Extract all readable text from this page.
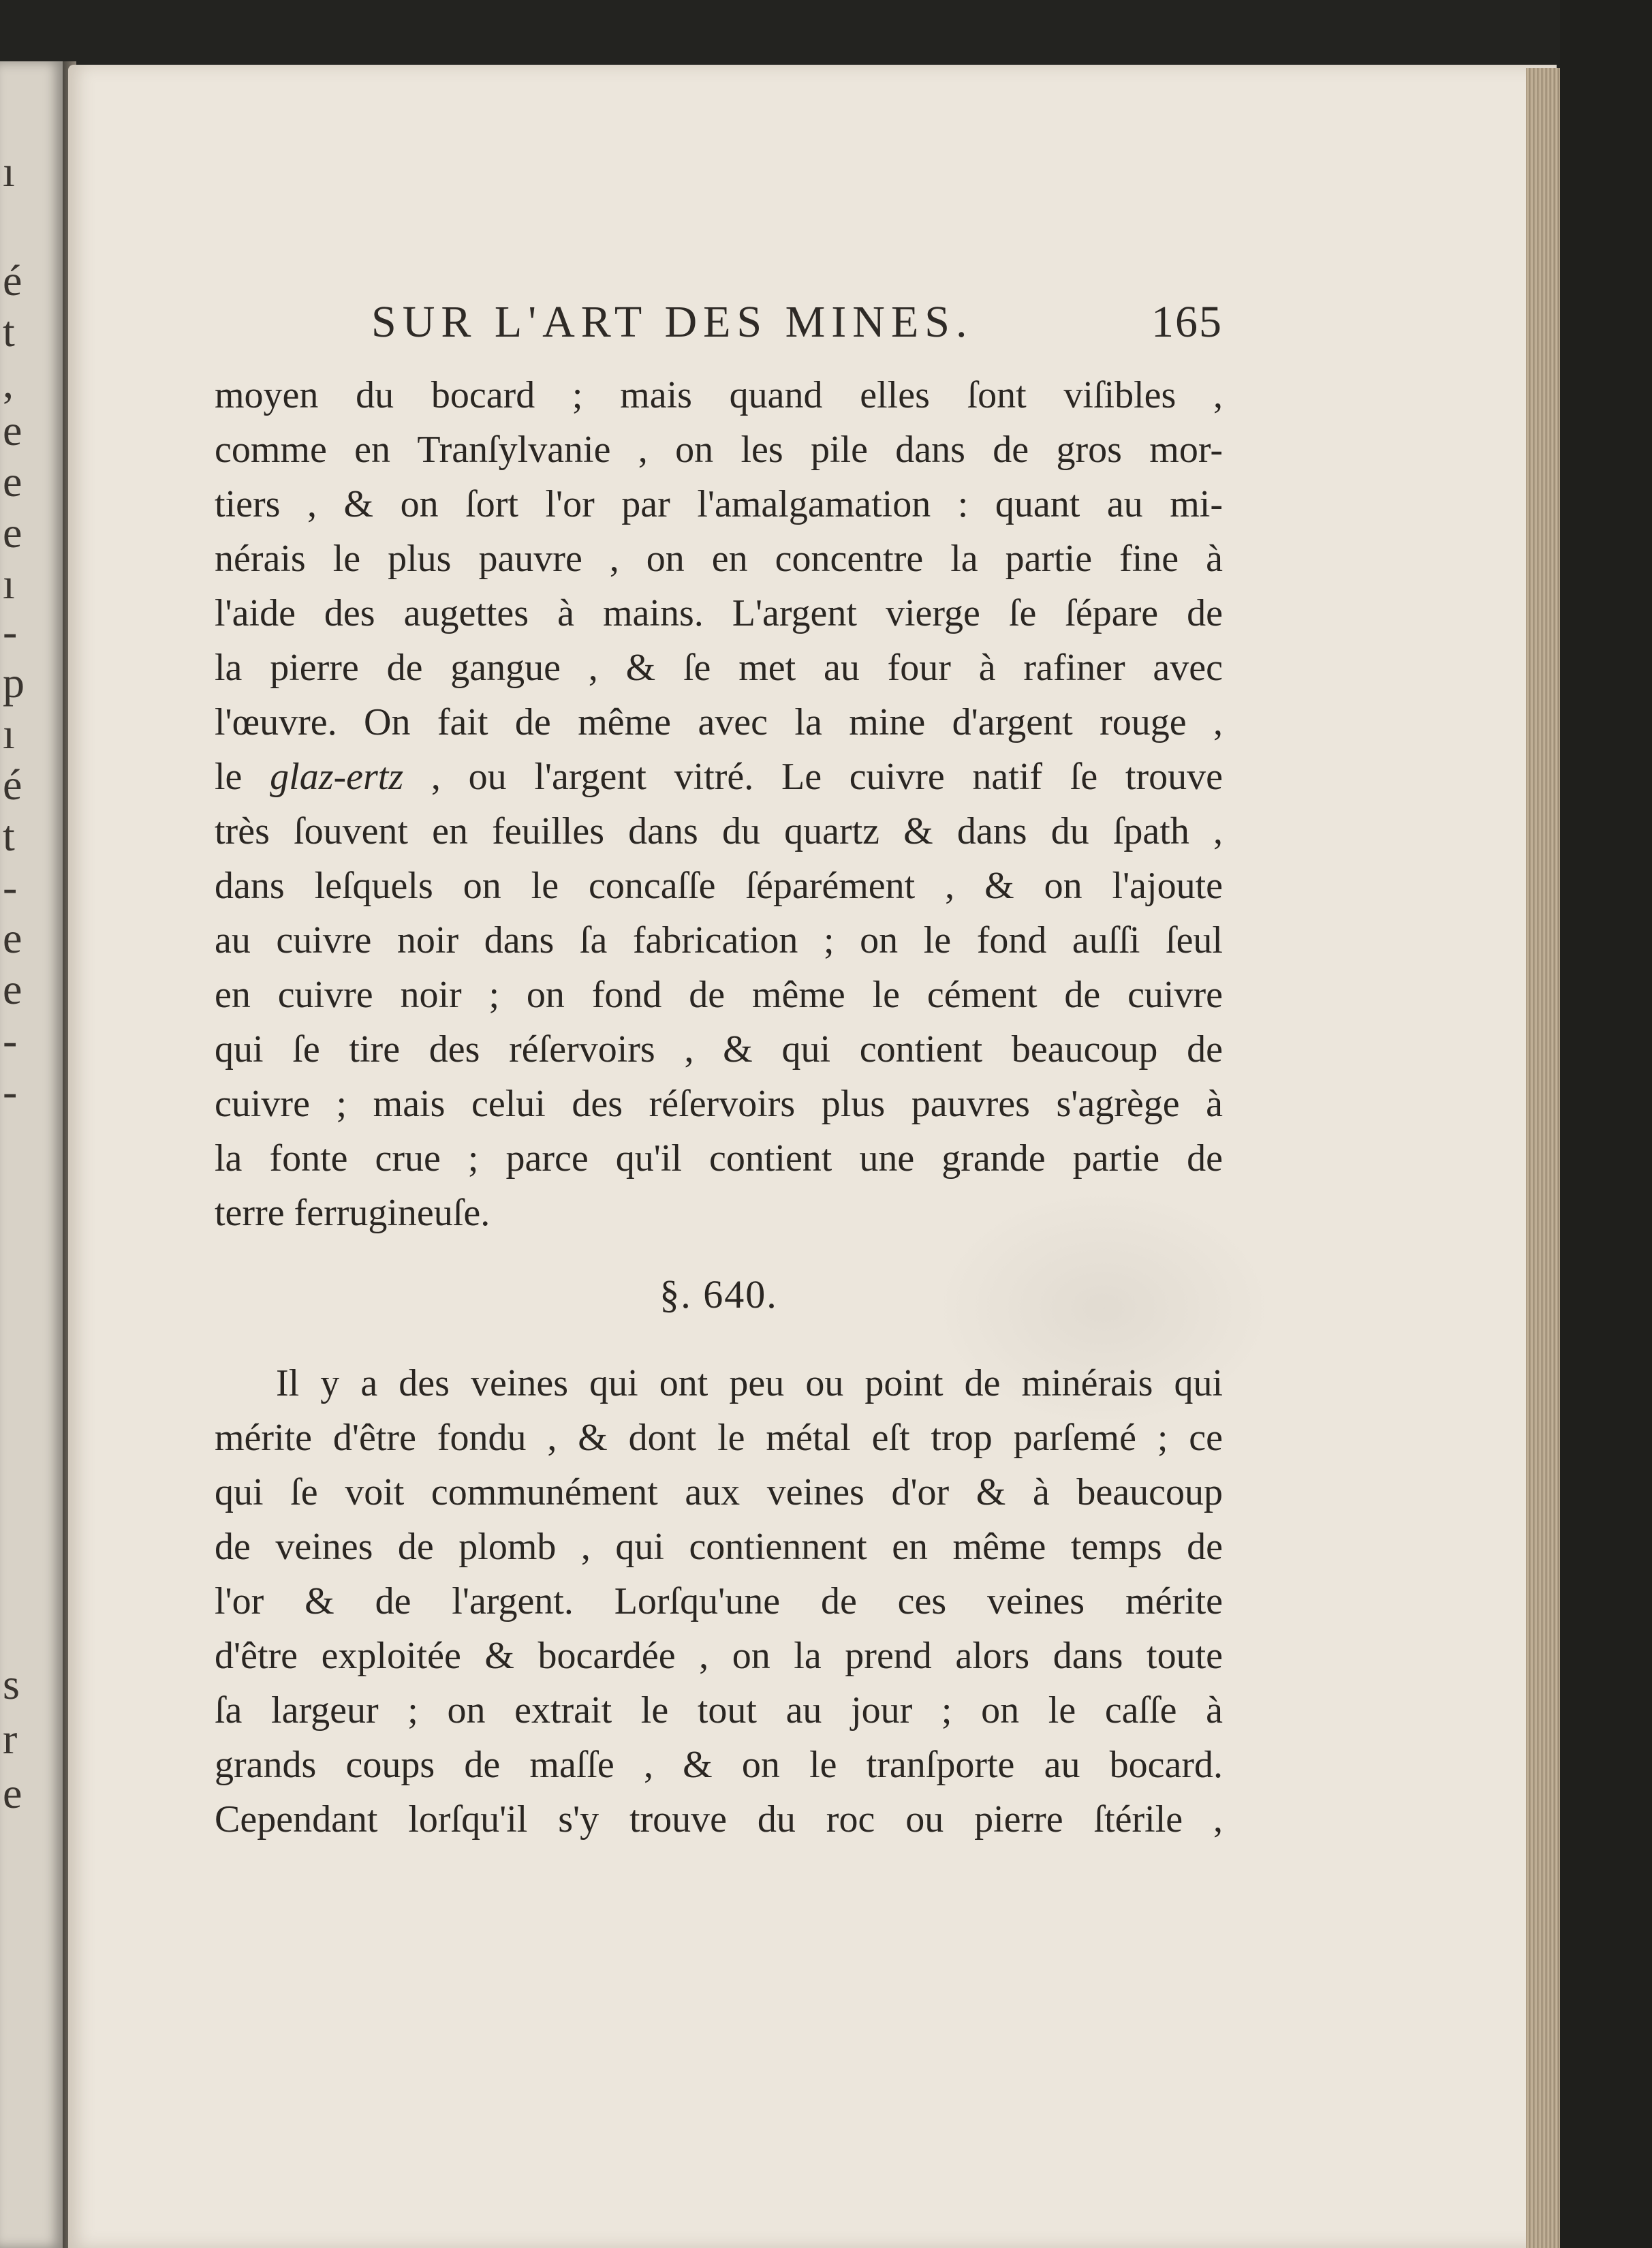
ı
é
t
,
e
e
e
ı
-
p
ı
é
t
-
e
e
-
-
s
r
e
SUR L'ART DES MINES.	165
moyen du bocard ; mais quand elles ſont viſibles ,
comme en Tranſylvanie , on les pile dans de gros mor-
tiers , & on ſort l'or par l'amalgamation : quant au mi-
nérais le plus pauvre , on en concentre la partie fine à
l'aide des augettes à mains. L'argent vierge ſe ſépare de
la pierre de gangue , & ſe met au four à rafiner avec
l'œuvre. On fait de même avec la mine d'argent rouge ,
le glaz-ertz , ou l'argent vitré. Le cuivre natif ſe trouve
très ſouvent en feuilles dans du quartz & dans du ſpath ,
dans leſquels on le concaſſe ſéparément , & on l'ajoute
au cuivre noir dans ſa fabrication ; on le fond auſſi ſeul
en cuivre noir ; on fond de même le cément de cuivre
qui ſe tire des réſervoirs , & qui contient beaucoup de
cuivre ; mais celui des réſervoirs plus pauvres s'agrège à
la fonte crue ; parce qu'il contient une grande partie de
terre ferrugineuſe.
§. 640.
Il y a des veines qui ont peu ou point de minérais qui
mérite d'être fondu , & dont le métal eſt trop parſemé ; ce
qui ſe voit communément aux veines d'or & à beaucoup
de veines de plomb , qui contiennent en même temps de
l'or & de l'argent. Lorſqu'une de ces veines mérite
d'être exploitée & bocardée , on la prend alors dans toute
ſa largeur ; on extrait le tout au jour ; on le caſſe à
grands coups de maſſe , & on le tranſporte au bocard.
Cependant lorſqu'il s'y trouve du roc ou pierre ſtérile ,
